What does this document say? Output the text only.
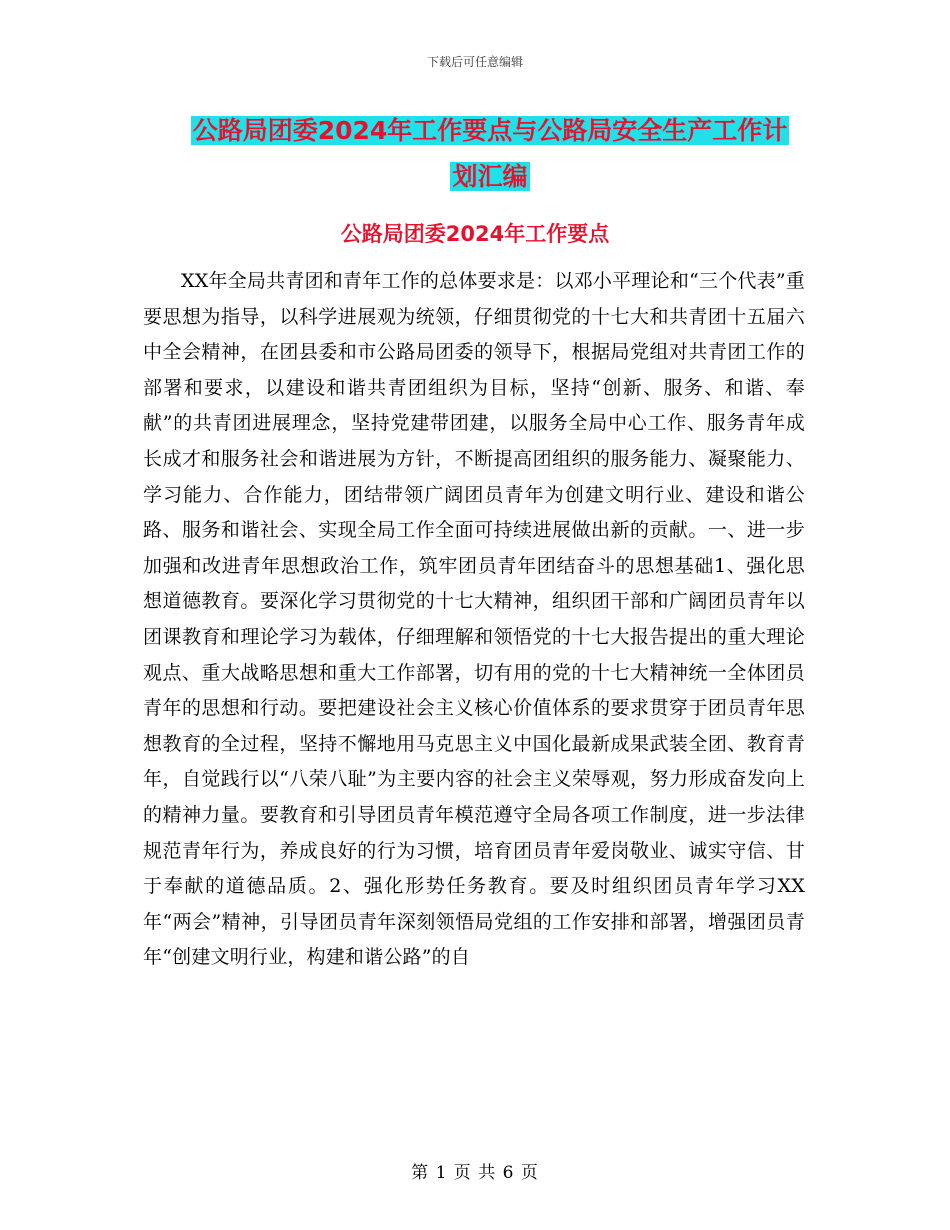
下载后可任意编辑
公路局团委2024年工作要点与公路局安全生产工作计
划汇编
公路局团委2024年工作要点

XX年全局共青团和青年工作的总体要求是：以邓小平理论和“三个代表”重要思想为指导，以科学进展观为统领，仔细贯彻党的十七大和共青团十五届六中全会精神，在团县委和市公路局团委的领导下，根据局党组对共青团工作的部署和要求，以建设和谐共青团组织为目标，坚持“创新、服务、和谐、奉献”的共青团进展理念，坚持党建带团建，以服务全局中心工作、服务青年成长成才和服务社会和谐进展为方针，不断提高团组织的服务能力、凝聚能力、学习能力、合作能力，团结带领广阔团员青年为创建文明行业、建设和谐公路、服务和谐社会、实现全局工作全面可持续进展做出新的贡献。一、进一步加强和改进青年思想政治工作，筑牢团员青年团结奋斗的思想基础1、强化思想道德教育。要深化学习贯彻党的十七大精神，组织团干部和广阔团员青年以团课教育和理论学习为载体，仔细理解和领悟党的十七大报告提出的重大理论观点、重大战略思想和重大工作部署，切有用的党的十七大精神统一全体团员青年的思想和行动。要把建设社会主义核心价值体系的要求贯穿于团员青年思想教育的全过程，坚持不懈地用马克思主义中国化最新成果武装全团、教育青年，自觉践行以“八荣八耻”为主要内容的社会主义荣辱观，努力形成奋发向上的精神力量。要教育和引导团员青年模范遵守全局各项工作制度，进一步法律规范青年行为，养成良好的行为习惯，培育团员青年爱岗敬业、诚实守信、甘于奉献的道德品质。2、强化形势任务教育。要及时组织团员青年学习XX年“两会”精神，引导团员青年深刻领悟局党组的工作安排和部署，增强团员青年“创建文明行业，构建和谐公路”的自

第 1 页 共 6 页
